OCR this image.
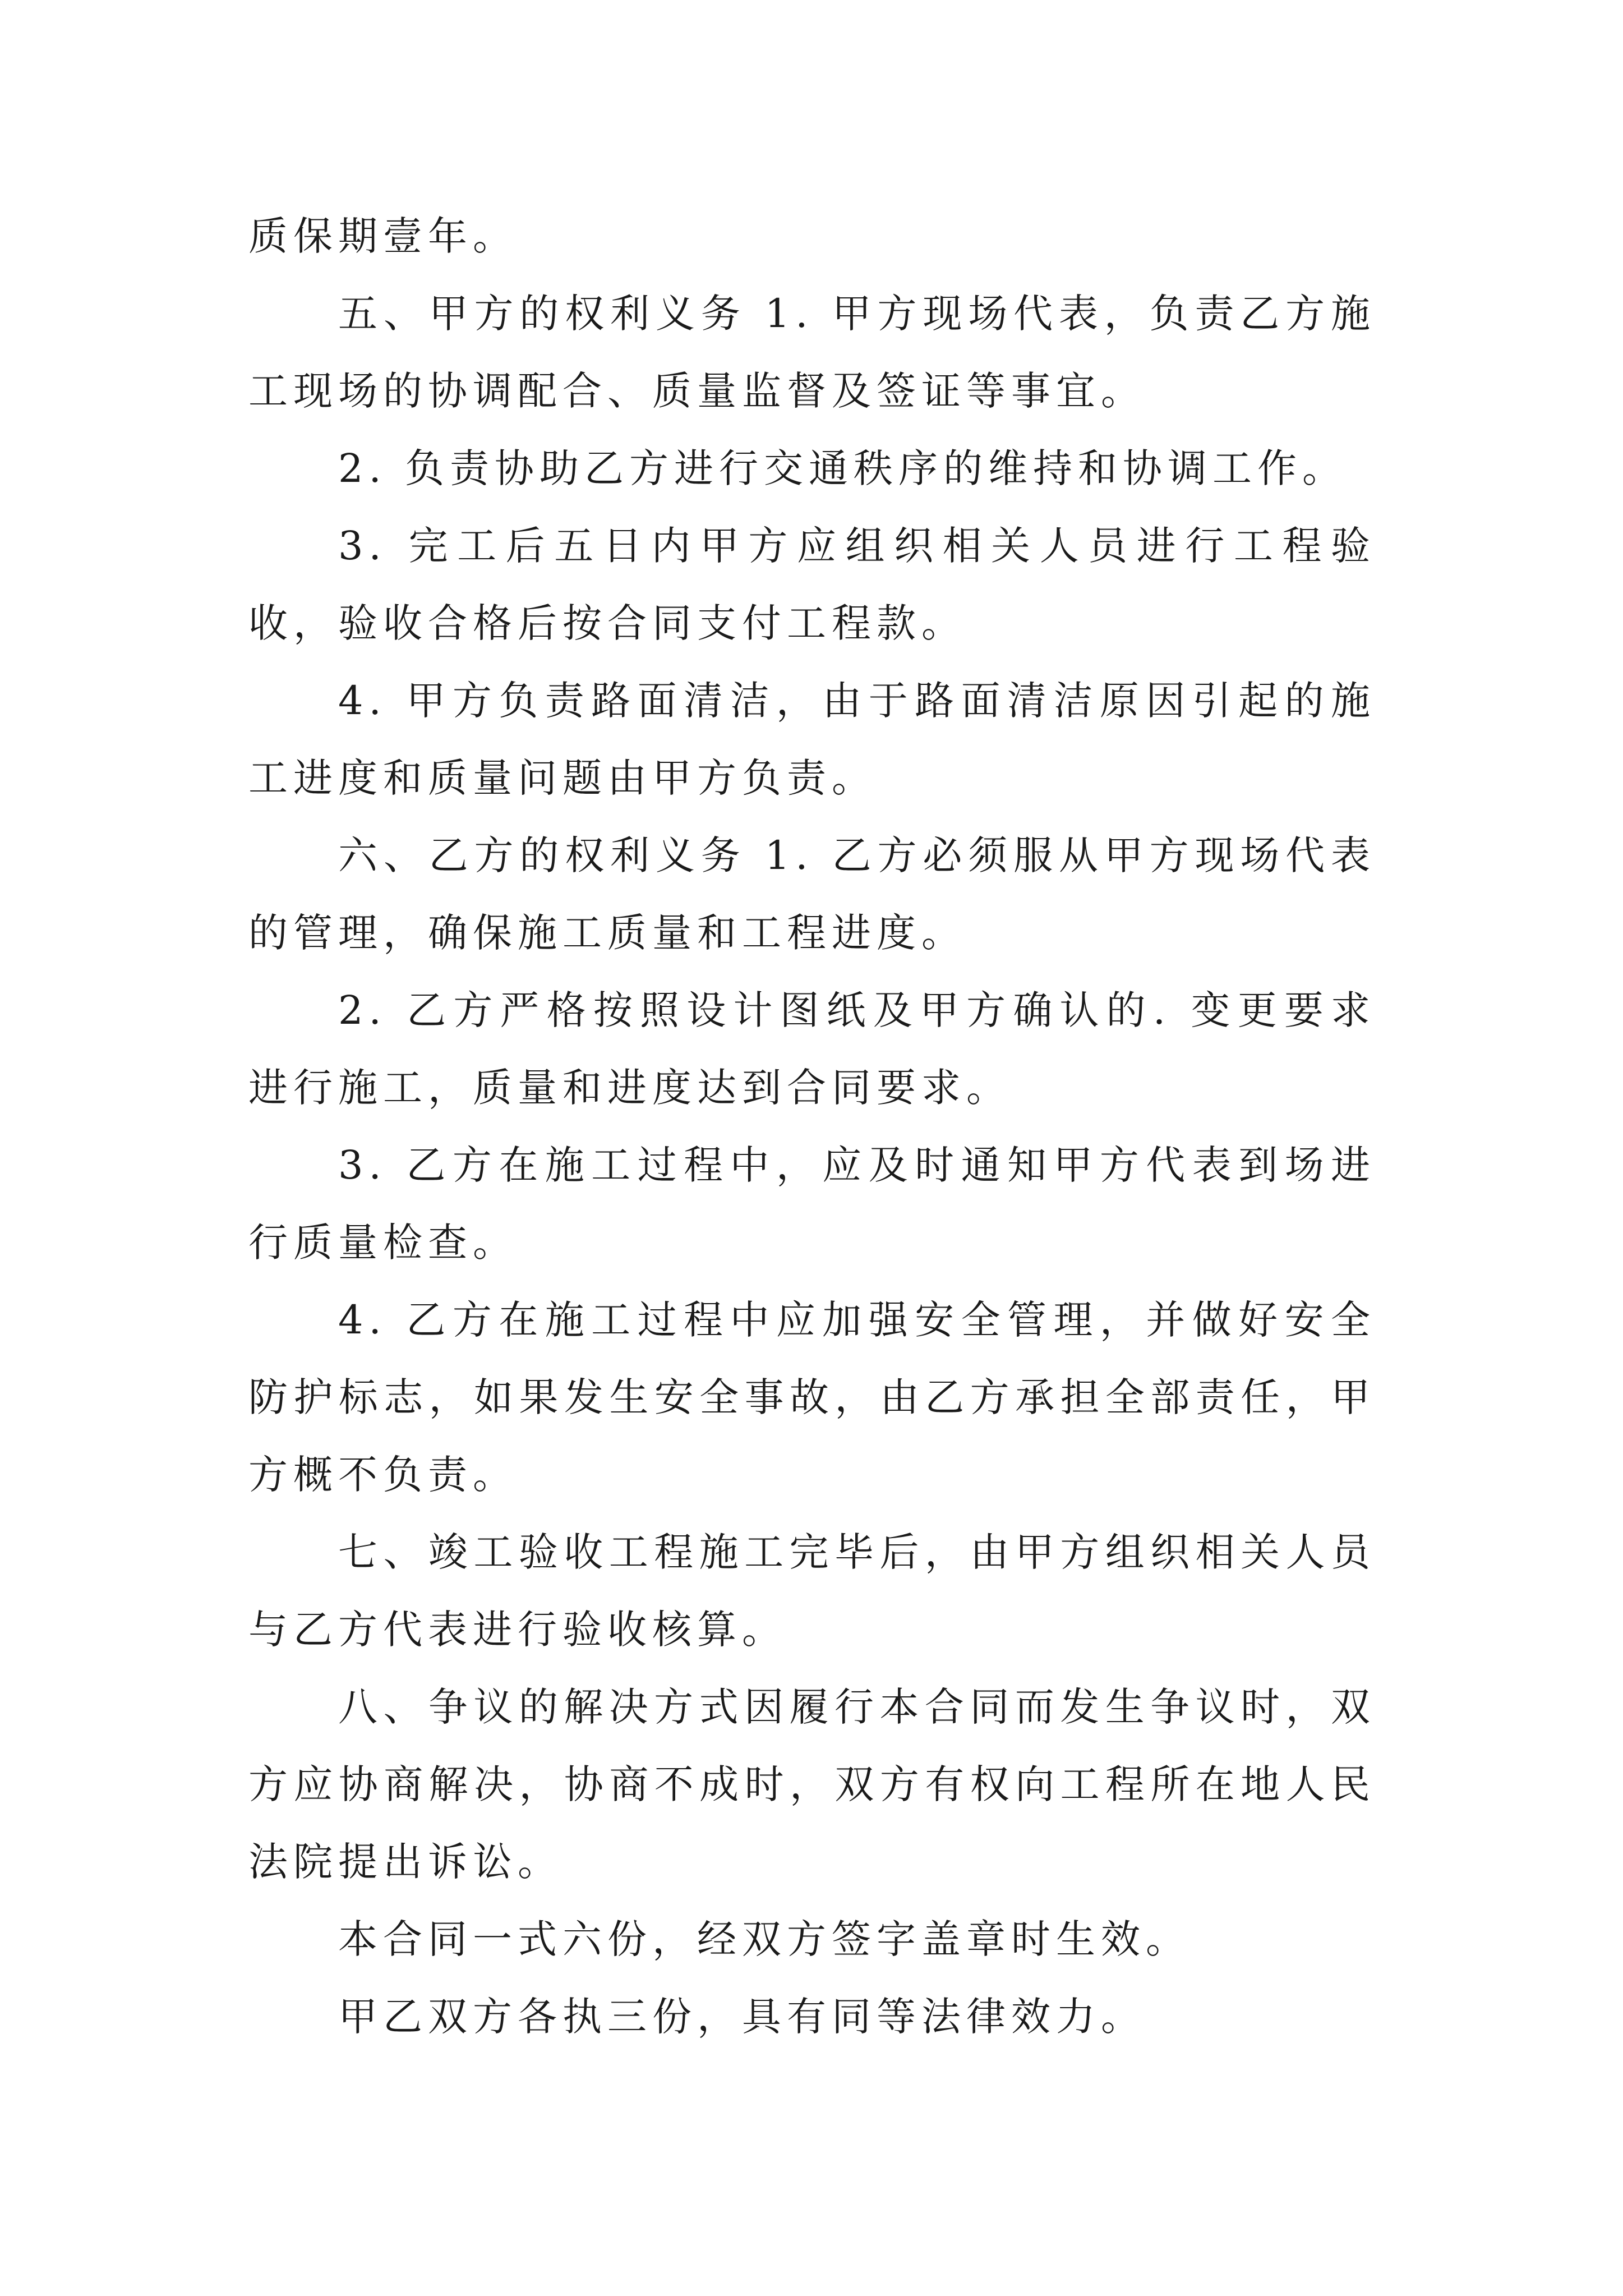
质保期壹年。

五、甲方的权利义务 1. 甲方现场代表，负责乙方施工现场的协调配合、质量监督及签证等事宜。

2. 负责协助乙方进行交通秩序的维持和协调工作。

3. 完工后五日内甲方应组织相关人员进行工程验收，验收合格后按合同支付工程款。

4. 甲方负责路面清洁，由于路面清洁原因引起的施工进度和质量问题由甲方负责。

六、乙方的权利义务 1. 乙方必须服从甲方现场代表的管理，确保施工质量和工程进度。

2. 乙方严格按照设计图纸及甲方确认的. 变更要求进行施工，质量和进度达到合同要求。

3. 乙方在施工过程中，应及时通知甲方代表到场进行质量检查。

4. 乙方在施工过程中应加强安全管理，并做好安全防护标志，如果发生安全事故，由乙方承担全部责任，甲方概不负责。

七、竣工验收工程施工完毕后，由甲方组织相关人员与乙方代表进行验收核算。

八、争议的解决方式因履行本合同而发生争议时，双方应协商解决，协商不成时，双方有权向工程所在地人民法院提出诉讼。

本合同一式六份，经双方签字盖章时生效。

甲乙双方各执三份，具有同等法律效力。
